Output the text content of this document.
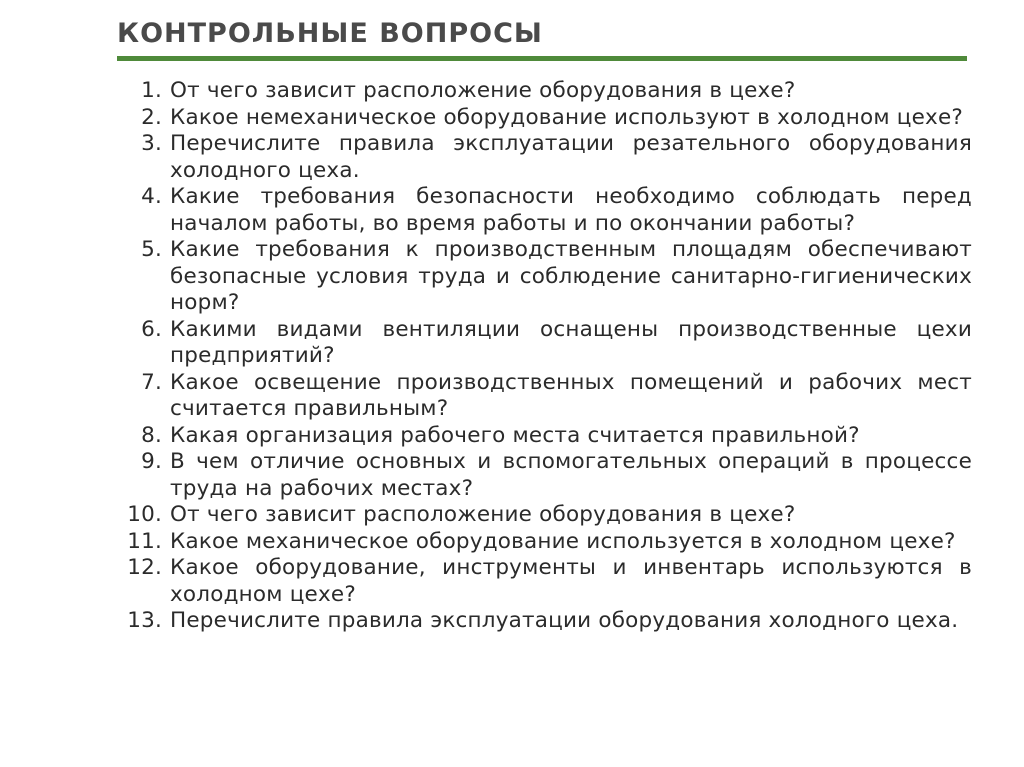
КОНТРОЛЬНЫЕ ВОПРОСЫ
1. От чего зависит расположение оборудования в цехе?
2. Какое немеханическое оборудование используют в холодном цехе?
3. Перечислите правила эксплуатации резательного оборудования холодного цеха.
4. Какие требования безопасности необходимо соблюдать перед началом работы, во время работы и по окончании работы?
5. Какие требования к производственным площадям обеспечивают безопасные условия труда и соблюдение санитарно-гигиенических норм?
6. Какими видами вентиляции оснащены производственные цехи предприятий?
7. Какое освещение производственных помещений и рабочих мест считается правильным?
8. Какая организация рабочего места считается правильной?
9. В чем отличие основных и вспомогательных операций в процессе труда на рабочих местах?
10. От чего зависит расположение оборудования в цехе?
11. Какое механическое оборудование используется в холодном цехе?
12. Какое оборудование, инструменты и инвентарь используются в холодном цехе?
13. Перечислите правила эксплуатации оборудования холодного цеха.
